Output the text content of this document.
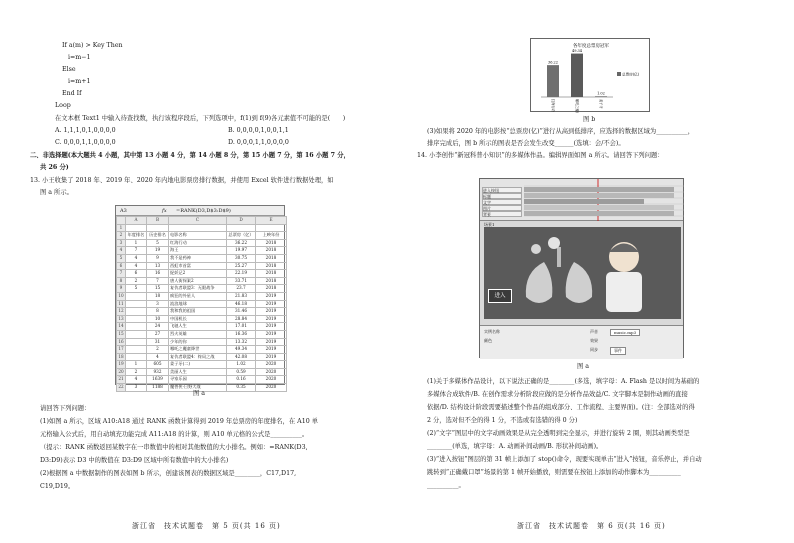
If a(m) > Key Then
i=m−1
Else
i=m+1
End If
Loop
在文本框 Text1 中输入待查找数，执行该程序段后，下列选项中，f(1)到 f(9)各元素值不可能的是(　　)
A. 1,1,1,0,1,0,0,0,0	B. 0,0,0,0,1,0,0,1,1
C. 0,0,0,1,1,0,0,0,0	D. 0,0,0,1,1,0,0,0,0
二、非选择题(本大题共 4 小题，其中第 13 小题 4 分，第 14 小题 8 分，第 15 小题 7 分，第 16 小题 7 分，
共 26 分)
13. 小王收集了 2018 年、2019 年、2020 年内地电影票房排行数据，并使用 Excel 软件进行数据处理，如
图 a 所示。
A3	fx =RANK(D3,D$3:D$9)
	A	B	C	D	E
1					
2	年度排名	历史排名	电影名称	总票房（亿）	上映年份
3	1	5	红海行动	36.22	2018
4	7	19	海王	19.97	2018
5	4	9	我不是药神	30.75	2018
6	4	13	西虹市首富	25.27	2018
7	6	16	捉妖记2	22.19	2018
8	2	7	唐人街探案2	33.71	2018
9	5	15	复仇者联盟3：无限战争	23.7	2018
10		18	疯狂的外星人	21.83	2019
11		3	流浪地球	46.18	2019
12		8	我和我的祖国	31.46	2019
13		10	中国机长	28.84	2019
14		24	飞驰人生	17.01	2019
15		27	烈火英雄	16.36	2019
16		31	少年的你	13.32	2019
17		2	哪吒之魔童降世	49.34	2019
18		4	复仇者联盟4：终局之战	42.08	2019
19	1	605	姜子牙(二)	1.02	2020
20	2	932	美丽人生	0.59	2020
21	4	1639	寻家乐园	0.16	2020
22	3	1188	魔兽侠·日野大战	0.35	2020
图 a
请回答下列问题：
(1)如图 a 所示，区域 A10:A18 通过 RANK 函数计算得到 2019 年总票房的年度排名，在 A10 单
元格输入公式后，用自动填充功能完成 A11:A18 的计算，则 A10 单元格的公式是__________。
（提示：RANK 函数返回某数字在一串数值中的相对其他数值的大小排名。例如：=RANK(D3,
D3:D9)表示 D3 中的数值在 D3:D9 区域中所有数值中的大小排名)
(2)根据图 a 中数据制作的图表如图 b 所示，创建该图表的数据区域是________，C17,D17,
C19,D19。
浙江省　技术试题卷　第 5 页(共 16 页)
各年度总票房冠军
36.22
红海行动
49.34
哪吒之魔童降世
1.02
姜子牙
总票房(亿)
图 b
(3)如果将 2020 年的电影按“总票房(亿)”进行从高到低排序，应选择的数据区域为__________，
排序完成后，图 b 所示的图表是否会发生改变______(选填：会/不会)。
14. 小李创作“新冠科普小知识”的多媒体作品。编辑界面如图 a 所示。请回答下列问题：
进入按钮
标题
文字
图片
背景
场景1
进入
实例名称
颜色
声音	music.mp3
效果
同步	事件
图 a
(1)关于多媒体作品设计，以下说法正确的是________(多选，填字母：A. Flash 是以时间为基础的
多媒体合成软件/B. 在创作需求分析阶段应做的是分析作品效益/C. 文字脚本是制作动画的直接
依据/D. 结构设计阶段需要描述整个作品的组成部分、工作流程、主要界面)。(注：全部选对的得
2 分，选对但不全的得 1 分，不选或有选错的得 0 分)
(2)“文字”图层中的文字动画效果是从完全透明到完全显示，并进行旋转 2 圈，则其动画类型是
________(单选，填字母：A. 动画补间动画/B. 形状补间动画)。
(3)“进入按钮”图层的第 31 帧上添加了 stop()命令，现要实现单击“进入”按钮，音乐停止，并自动
跳转到“正确戴口罩”场景的第 1 帧开始播放，则需要在按钮上添加的动作脚本为__________
__________。
浙江省　技术试题卷　第 6 页(共 16 页)
